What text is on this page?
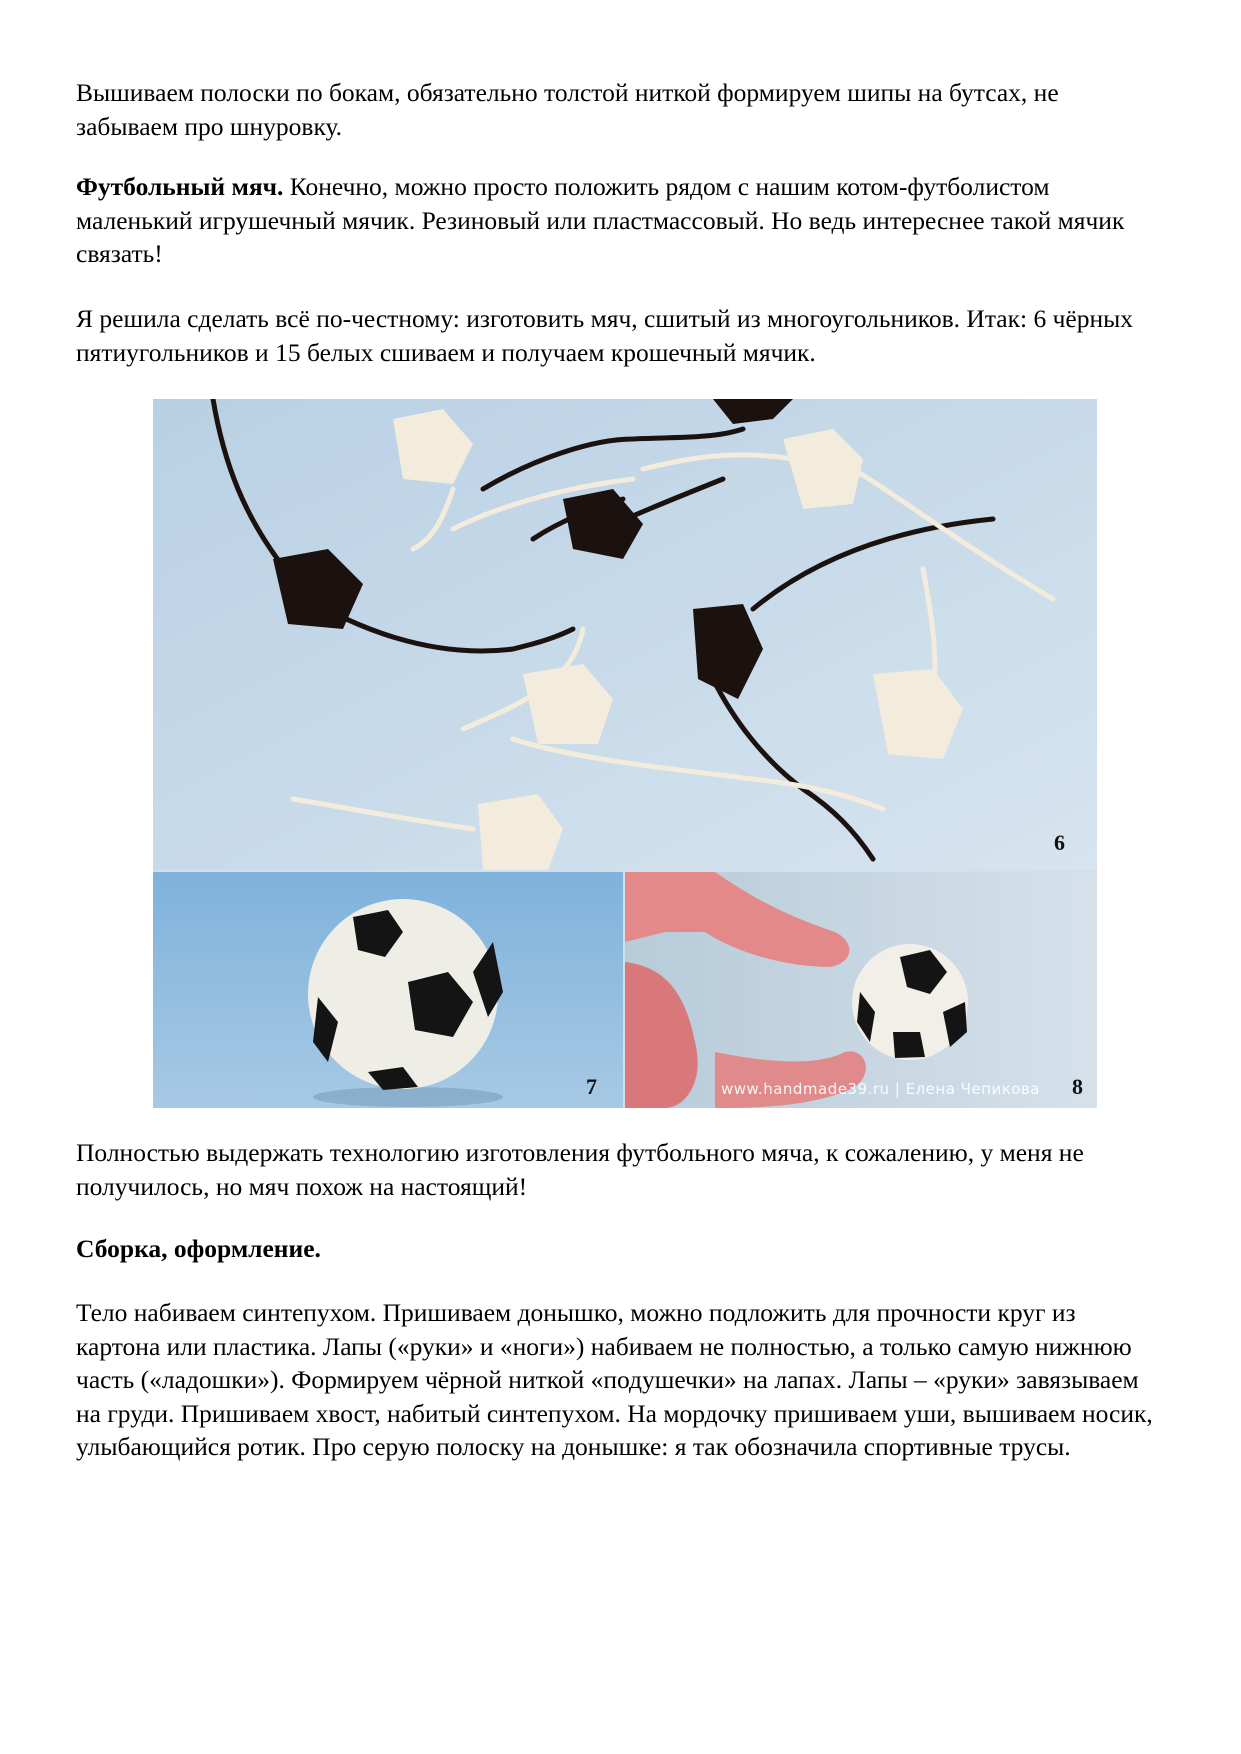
Вышиваем полоски по бокам, обязательно толстой ниткой формируем шипы на бутсах, не забываем про шнуровку.

Футбольный мяч. Конечно, можно просто положить рядом с нашим котом-футболистом маленький игрушечный мячик. Резиновый или пластмассовый. Но ведь интереснее такой мячик связать!

Я решила сделать всё по-честному: изготовить мяч, сшитый из многоугольников. Итак: 6 чёрных пятиугольников и 15 белых сшиваем и получаем крошечный мячик.

6
7	8
www.handmade39.ru | Елена Чепикова

Полностью выдержать технологию изготовления футбольного мяча, к сожалению, у меня не получилось, но мяч похож на настоящий!

Сборка, оформление.

Тело набиваем синтепухом. Пришиваем донышко, можно подложить для прочности круг из картона или пластика. Лапы («руки» и «ноги») набиваем не полностью, а только самую нижнюю часть («ладошки»). Формируем чёрной ниткой «подушечки» на лапах. Лапы – «руки» завязываем на груди. Пришиваем хвост, набитый синтепухом. На мордочку пришиваем уши, вышиваем носик, улыбающийся ротик. Про серую полоску на донышке: я так обозначила спортивные трусы.
